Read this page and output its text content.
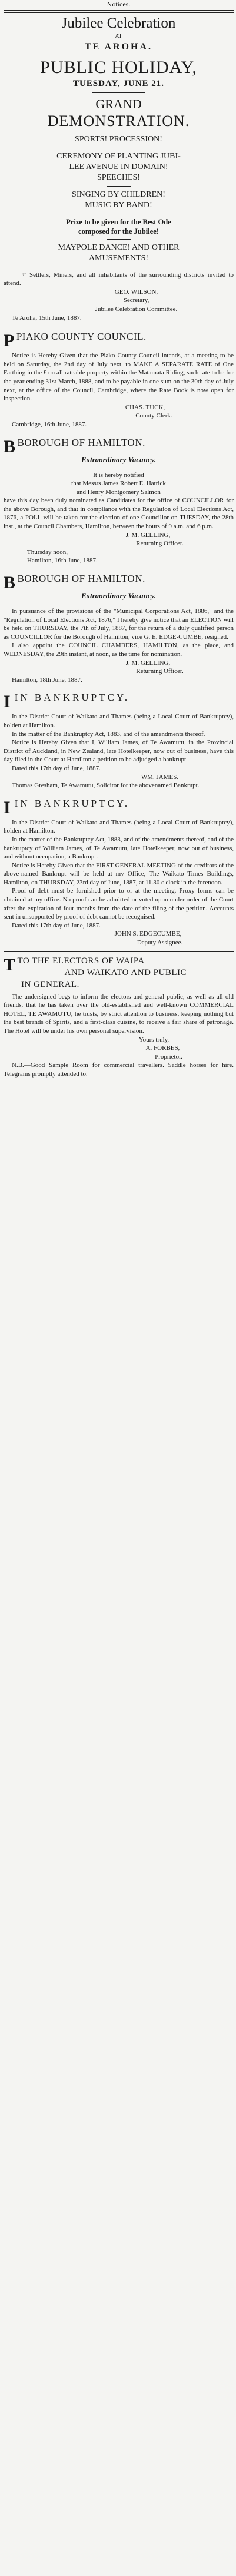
Notices.
Jubilee Celebration
AT
TE AROHA.
PUBLIC HOLIDAY,
TUESDAY, JUNE 21.
GRAND
DEMONSTRATION.
SPORTS! PROCESSION!
CEREMONY OF PLANTING JUBI-
LEE AVENUE IN DOMAIN!
SPEECHES!
SINGING BY CHILDREN!
MUSIC BY BAND!
Prize to be given for the Best Ode
composed for the Jubilee!
MAYPOLE DANCE! AND OTHER
AMUSEMENTS!

☞ Settlers, Miners, and all inhabitants of the surrounding districts invited to attend.

GEO. WILSON,
Secretary,
Jubilee Celebration Committee.
Te Aroha, 15th June, 1887.
PPIAKO COUNTY COUNCIL.

Notice is Hereby Given that the Piako County Council intends, at a meeting to be held on Saturday, the 2nd day of July next, to MAKE A SEPARATE RATE of One Farthing in the £ on all rateable property within the Matamata Riding, such rate to be for the year ending 31st March, 1888, and to be payable in one sum on the 30th day of July next, at the office of the Council, Cambridge, where the Rate Book is now open for inspection.

CHAS. TUCK,
County Clerk.
Cambridge, 16th June, 1887.
BBOROUGH OF HAMILTON.
Extraordinary Vacancy.
It is hereby notified
that Messrs James Robert E. Hatrick
and Henry Montgomery Salmon

have this day been duly nominated as Candidates for the office of COUNCILLOR for the above Borough, and that in compliance with the Regulation of Local Elections Act, 1876, a POLL will be taken for the election of one Councillor on TUESDAY, the 28th inst., at the Council Chambers, Hamilton, between the hours of 9 a.m. and 6 p.m.

J. M. GELLING,
Returning Officer.
Thursday noon,
Hamilton, 16th June, 1887.
BBOROUGH OF HAMILTON.
Extraordinary Vacancy.

In pursuance of the provisions of the "Municipal Corporations Act, 1886," and the "Regulation of Local Elections Act, 1876," I hereby give notice that an ELECTION will be held on THURSDAY, the 7th of July, 1887, for the return of a duly qualified person as COUNCILLOR for the Borough of Hamilton, vice G. E. EDGE-CUMBE, resigned.

I also appoint the COUNCIL CHAMBERS, HAMILTON, as the place, and WEDNESDAY, the 29th instant, at noon, as the time for nomination.

J. M. GELLING,
Returning Officer.
Hamilton, 18th June, 1887.
IIN BANKRUPTCY.

In the District Court of Waikato and Thames (being a Local Court of Bankruptcy), holden at Hamilton.

In the matter of the Bankruptcy Act, 1883, and of the amendments thereof.

Notice is Hereby Given that I, William James, of Te Awamutu, in the Provincial District of Auckland, in New Zealand, late Hotelkeeper, now out of business, have this day filed in the Court at Hamilton a petition to be adjudged a bankrupt.

Dated this 17th day of June, 1887.

WM. JAMES.

Thomas Gresham, Te Awamutu, Solicitor for the abovenamed Bankrupt.

IIN BANKRUPTCY.

In the District Court of Waikato and Thames (being a Local Court of Bankruptcy), holden at Hamilton.

In the matter of the Bankruptcy Act, 1883, and of the amendments thereof, and of the bankruptcy of William James, of Te Awamutu, late Hotelkeeper, now out of business, and without occupation, a Bankrupt.

Notice is Hereby Given that the FIRST GENERAL MEETING of the creditors of the above-named Bankrupt will be held at my Office, The Waikato Times Buildings, Hamilton, on THURSDAY, 23rd day of June, 1887, at 11.30 o'clock in the forenoon.

Proof of debt must be furnished prior to or at the meeting. Proxy forms can be obtained at my office. No proof can be admitted or voted upon under order of the Court after the expiration of four months from the date of the filing of the petition. Accounts sent in unsupported by proof of debt cannot be recognised.

Dated this 17th day of June, 1887.

JOHN S. EDGECUMBE,
Deputy Assignee.
TTO THE ELECTORS OF WAIPA
AND WAIKATO AND PUBLIC
IN GENERAL.

The undersigned begs to inform the electors and general public, as well as all old friends, that he has taken over the old-established and well-known COMMERCIAL HOTEL, TE AWAMUTU, he trusts, by strict attention to business, keeping nothing but the best brands of Spirits, and a first-class cuisine, to receive a fair share of patronage. The Hotel will be under his own personal supervision.

Yours truly,
A. FORBES,
Proprietor.

N.B.—Good Sample Room for commercial travellers. Saddle horses for hire. Telegrams promptly attended to.
